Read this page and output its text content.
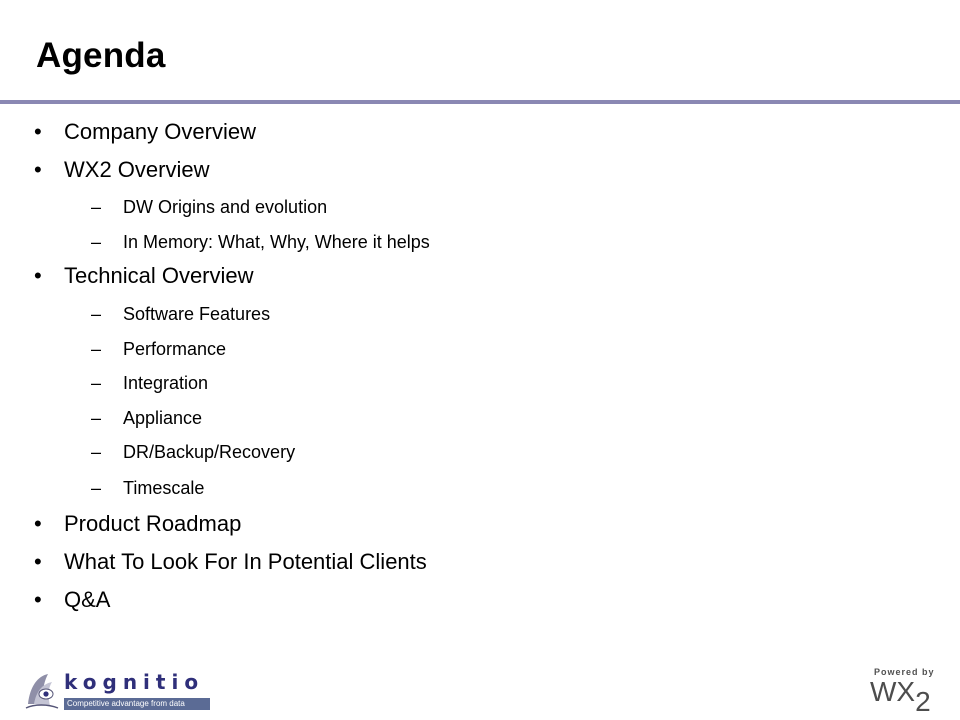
Agenda
• Company Overview
• WX2 Overview
– DW Origins and evolution
– In Memory: What, Why, Where it helps
• Technical Overview
– Software Features
– Performance
– Integration
– Appliance
– DR/Backup/Recovery
– Timescale
• Product Roadmap
• What To Look For In Potential Clients
• Q&A
kognitio
Competitive advantage from data
Powered by
WX2
